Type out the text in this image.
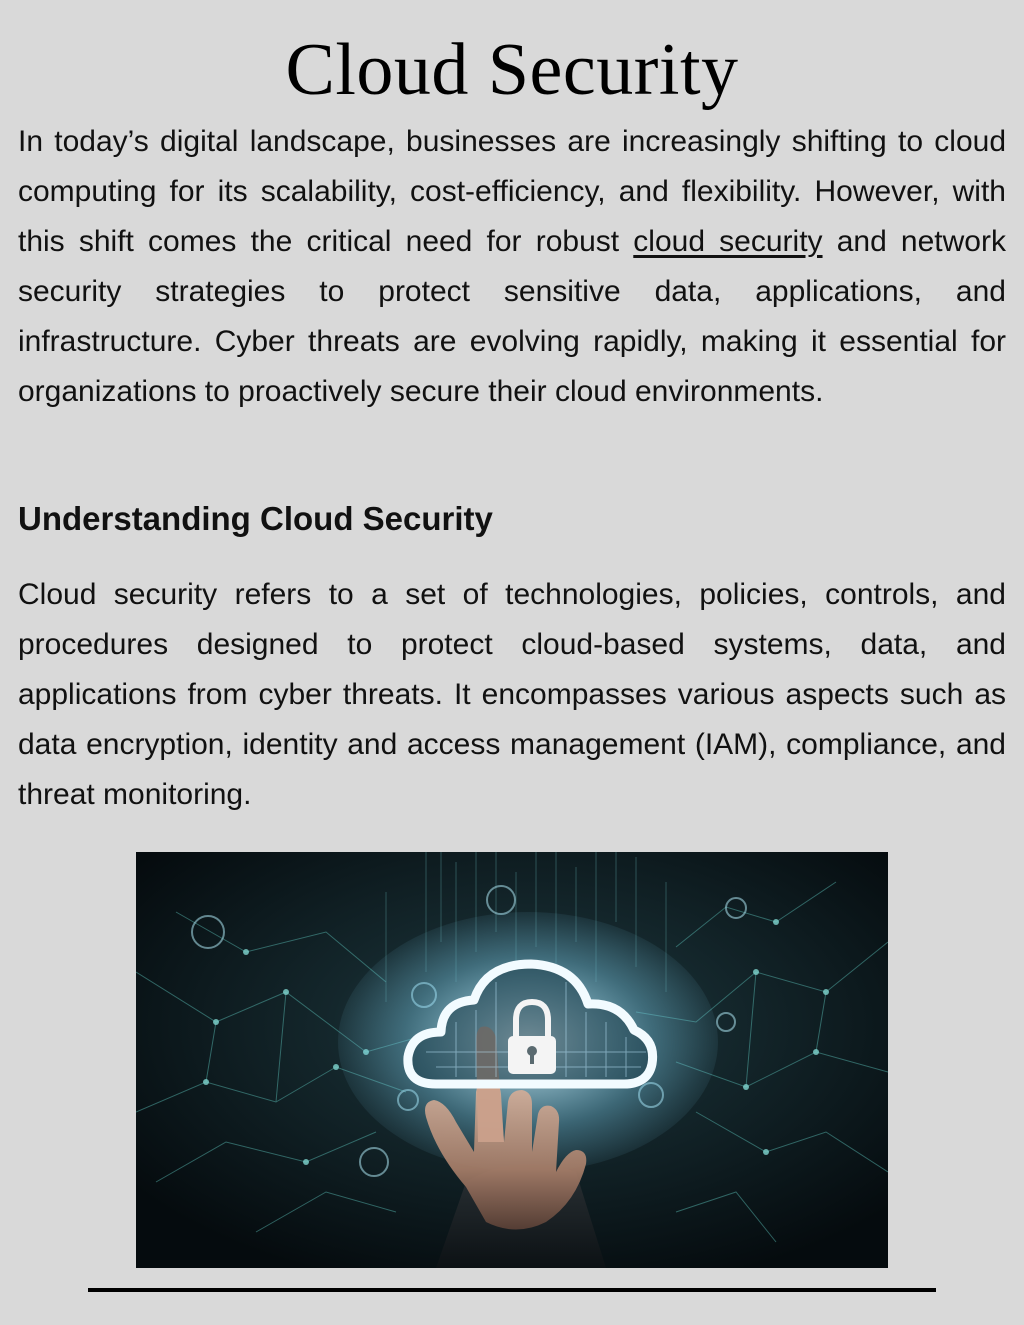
Cloud Security

In today’s digital landscape, businesses are increasingly shifting to cloud computing for its scalability, cost-efficiency, and flexibility. However, with this shift comes the critical need for robust cloud security and network security strategies to protect sensitive data, applications, and infrastructure. Cyber threats are evolving rapidly, making it essential for organizations to proactively secure their cloud environments.

Understanding Cloud Security

Cloud security refers to a set of technologies, policies, controls, and procedures designed to protect cloud-based systems, data, and applications from cyber threats. It encompasses various aspects such as data encryption, identity and access management (IAM), compliance, and threat monitoring.
